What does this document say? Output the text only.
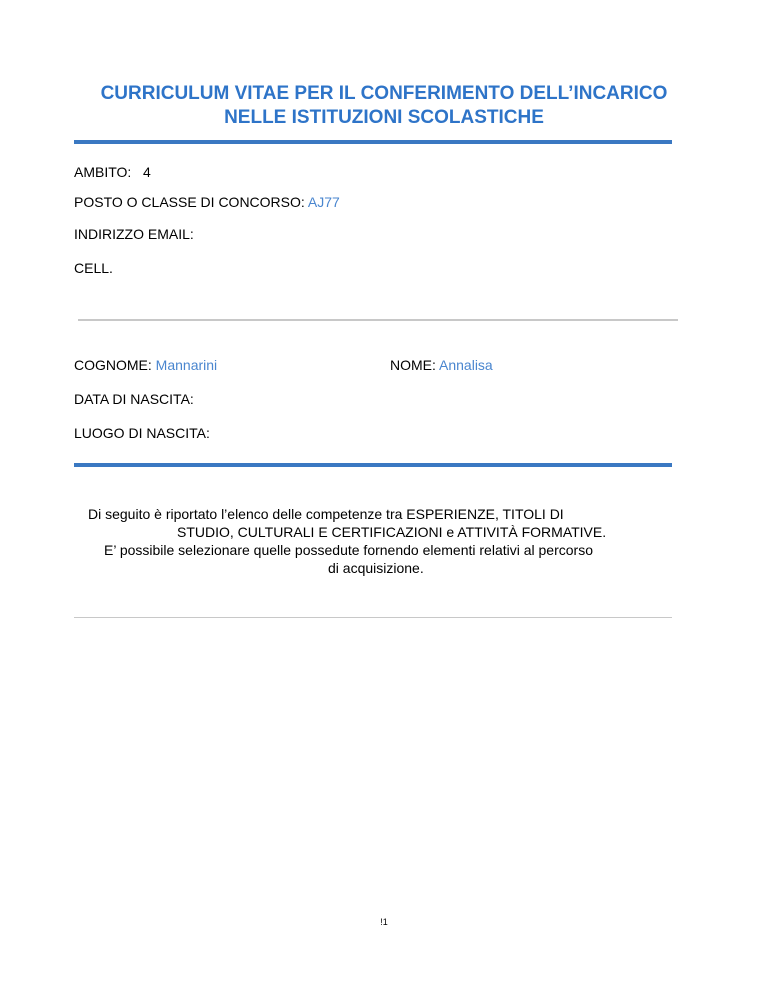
CURRICULUM VITAE PER IL CONFERIMENTO DELL’INCARICO
NELLE ISTITUZIONI SCOLASTICHE
AMBITO: 4
POSTO O CLASSE DI CONCORSO: AJ77
INDIRIZZO EMAIL:
CELL.
COGNOME: Mannarini	NOME: Annalisa
DATA DI NASCITA:
LUOGO DI NASCITA:
Di seguito è riportato l’elenco delle competenze tra ESPERIENZE, TITOLI DI
STUDIO, CULTURALI E CERTIFICAZIONI e ATTIVITÀ FORMATIVE.
E’ possibile selezionare quelle possedute fornendo elementi relativi al percorso
di acquisizione.
!1
